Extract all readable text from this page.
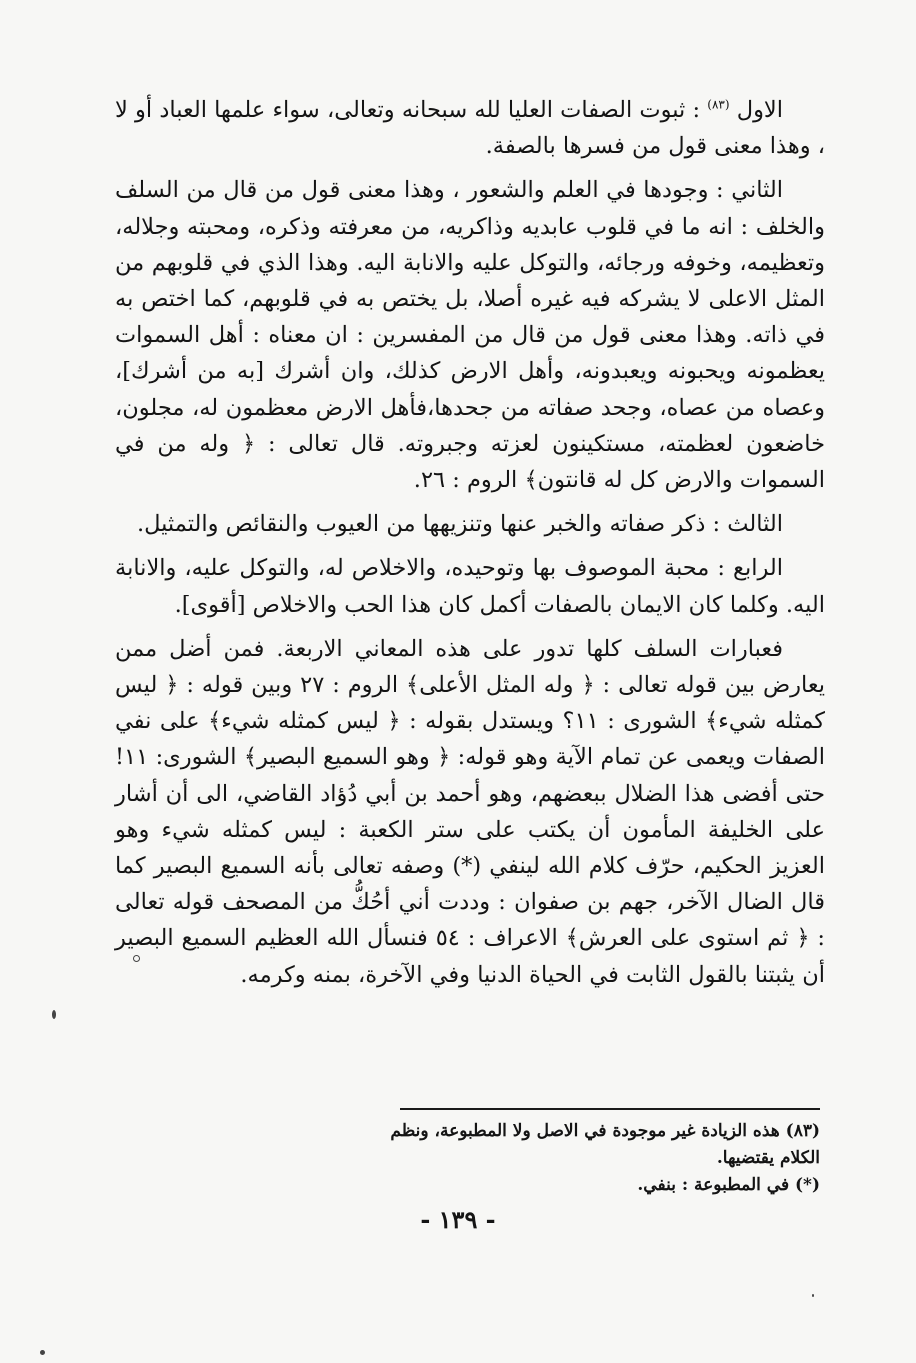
الاول $^{(٨٣)}$ : ثبوت الصفات العليا لله سبحانه وتعالى، سواء علمها العباد أو لا ، وهذا معنى قول من فسرها بالصفة.

الثاني : وجودها في العلم والشعور ، وهذا معنى قول من قال من السلف والخلف : انه ما في قلوب عابديه وذاكريه، من معرفته وذكره، ومحبته وجلاله، وتعظيمه، وخوفه ورجائه، والتوكل عليه والانابة اليه. وهذا الذي في قلوبهم من المثل الاعلى لا يشركه فيه غيره أصلا، بل يختص به في قلوبهم، كما اختص به في ذاته. وهذا معنى قول من قال من المفسرين : ان معناه : أهل السموات يعظمونه ويحبونه ويعبدونه، وأهل الارض كذلك، وان أشرك [به من أشرك]، وعصاه من عصاه، وجحد صفاته من جحدها،فأهل الارض معظمون له، مجلون، خاضعون لعظمته، مستكينون لعزته وجبروته. قال تعالى : ﴿ وله من في السموات والارض كل له قانتون﴾ الروم : ٢٦.

الثالث : ذكر صفاته والخبر عنها وتنزيهها من العيوب والنقائص والتمثيل.

الرابع : محبة الموصوف بها وتوحيده، والاخلاص له، والتوكل عليه، والانابة اليه. وكلما كان الايمان بالصفات أكمل كان هذا الحب والاخلاص [أقوى].

فعبارات السلف كلها تدور على هذه المعاني الاربعة. فمن أضل ممن يعارض بين قوله تعالى : ﴿ وله المثل الأعلى﴾ الروم : ٢٧ وبين قوله : ﴿ ليس كمثله شيء﴾ الشورى : ١١؟ ويستدل بقوله : ﴿ ليس كمثله شيء﴾ على نفي الصفات ويعمى عن تمام الآية وهو قوله: ﴿ وهو السميع البصير﴾ الشورى: ١١! حتى أفضى هذا الضلال ببعضهم، وهو أحمد بن أبي دُؤاد القاضي، الى أن أشار على الخليفة المأمون أن يكتب على ستر الكعبة : ليس كمثله شيء وهو العزيز الحكيم، حرّف كلام الله لينفي (*) وصفه تعالى بأنه السميع البصير كما قال الضال الآخر، جهم بن صفوان : وددت أني أحُكُّ من المصحف قوله تعالى : ﴿ ثم استوى على العرش﴾ الاعراف : ٥٤ فنسأل الله العظيم السميع البصير أن يثبتنا بالقول الثابت في الحياة الدنيا وفي الآخرة، بمنه وكرمه.

(٨٣) هذه الزيادة غير موجودة في الاصل ولا المطبوعة، ونظم الكلام يقتضيها.

(*) في المطبوعة : بنفي.

- ١٣٩ -
